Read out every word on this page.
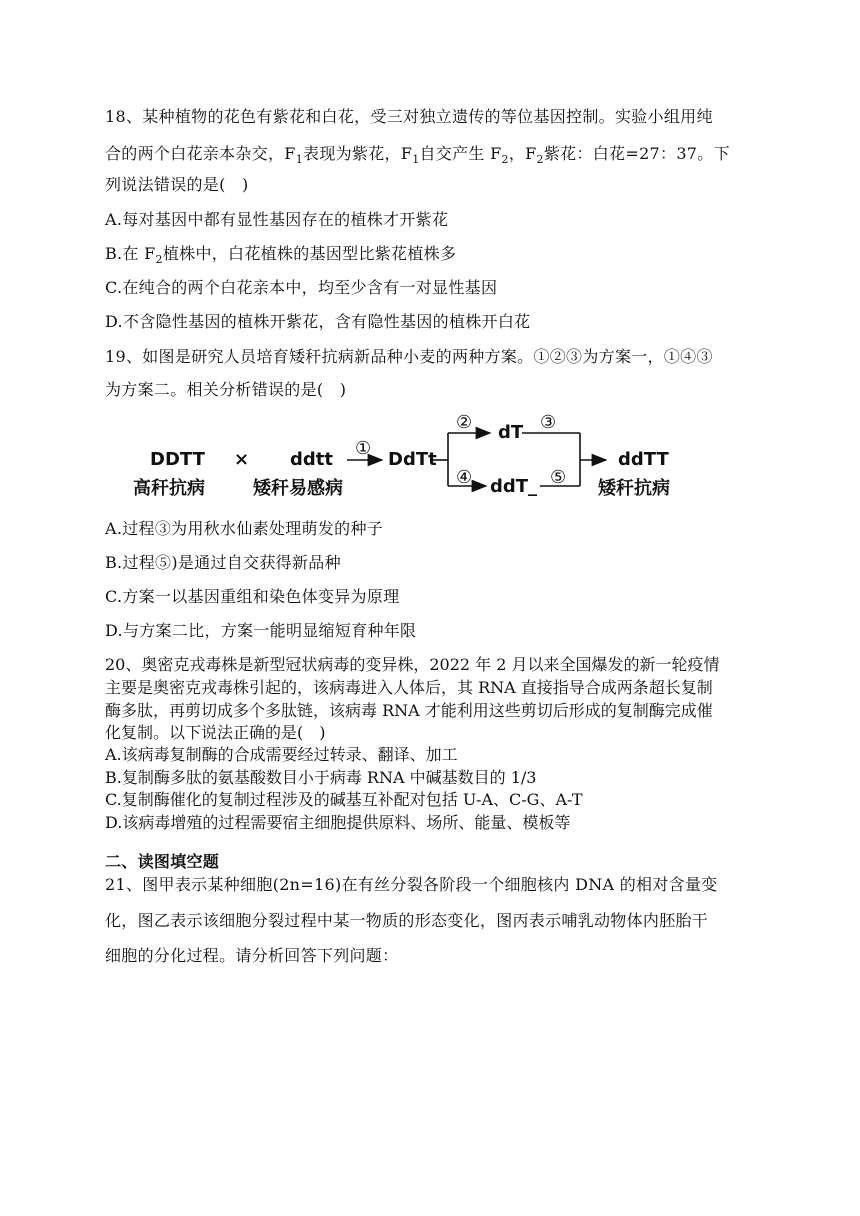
18、某种植物的花色有紫花和白花，受三对独立遗传的等位基因控制。实验小组用纯
合的两个白花亲本杂交，$F_1$表现为紫花，$F_1$自交产生 $F_2$，$F_2$紫花：白花=27：37。下
列说法错误的是(　)
A.每对基因中都有显性基因存在的植株才开紫花
B.在 $F_2$植株中，白花植株的基因型比紫花植株多
C.在纯合的两个白花亲本中，均至少含有一对显性基因
D.不含隐性基因的植株开紫花，含有隐性基因的植株开白花
19、如图是研究人员培育矮秆抗病新品种小麦的两种方案。①②③为方案一，①④③
为方案二。相关分析错误的是(　)
DDTT
高秆抗病
× ddtt
矮秆易感病
①
DdTt
② dT ③
④ ddT_ ⑤
ddTT
矮秆抗病
A.过程③为用秋水仙素处理萌发的种子
B.过程⑤)是通过自交获得新品种
C.方案一以基因重组和染色体变异为原理
D.与方案二比，方案一能明显缩短育种年限
20、奥密克戎毒株是新型冠状病毒的变异株，2022 年 2 月以来全国爆发的新一轮疫情
主要是奥密克戎毒株引起的，该病毒进入人体后，其 RNA 直接指导合成两条超长复制
酶多肽，再剪切成多个多肽链，该病毒 RNA 才能利用这些剪切后形成的复制酶完成催
化复制。以下说法正确的是(　)
A.该病毒复制酶的合成需要经过转录、翻译、加工
B.复制酶多肽的氨基酸数目小于病毒 RNA 中碱基数目的 1/3
C.复制酶催化的复制过程涉及的碱基互补配对包括 U-A、C-G、A-T
D.该病毒增殖的过程需要宿主细胞提供原料、场所、能量、模板等
二、读图填空题
21、图甲表示某种细胞(2n=16)在有丝分裂各阶段一个细胞核内 DNA 的相对含量变
化，图乙表示该细胞分裂过程中某一物质的形态变化，图丙表示哺乳动物体内胚胎干
细胞的分化过程。请分析回答下列问题：
